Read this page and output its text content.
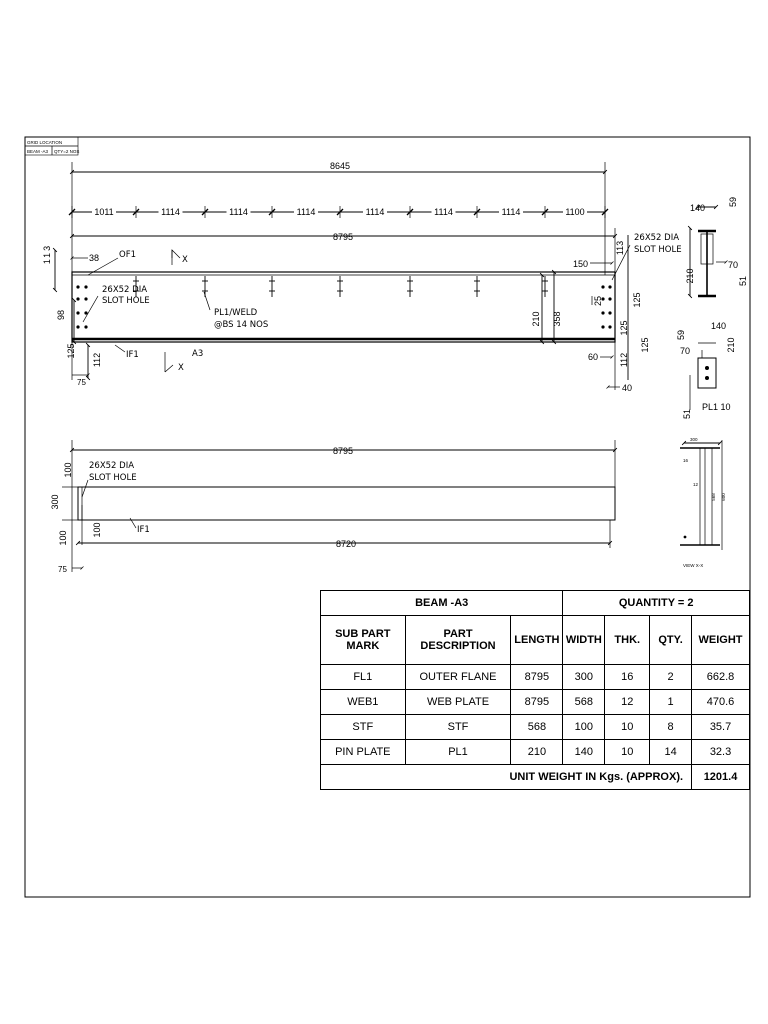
GRID LOCATION
BEAM -A3 QTY=2 NOS
8645
1011	1114	1114	1114	1114	1114	1114	1100
8795
113	38
98
125
112
75
OF1
IF1
X
X
A3
26X52 DIA
SLOT HOLE
PL1/WELD
@BS 14 NOS
150
25
210 358
60
40
113
125
125
112
125
26X52 DIA
SLOT HOLE
140
59
210
70
51
140
59
70	210
51
PL1 10
300
16
12
568 600
VIEW X-X
8795
8720
100
300
100
100
75
26X52 DIA
SLOT HOLE
IF1
BEAM -A3			QUANTITY = 2			
SUB PART MARK	PART DESCRIPTION	LENGTH	WIDTH	THK.	QTY.	WEIGHT
FL1	OUTER FLANE	8795	300	16	2	662.8
WEB1	WEB PLATE	8795	568	12	1	470.6
STF	STF	568	100	10	8	35.7
PIN PLATE	PL1	210	140	10	14	32.3
UNIT WEIGHT IN Kgs. (APPROX).						1201.4
